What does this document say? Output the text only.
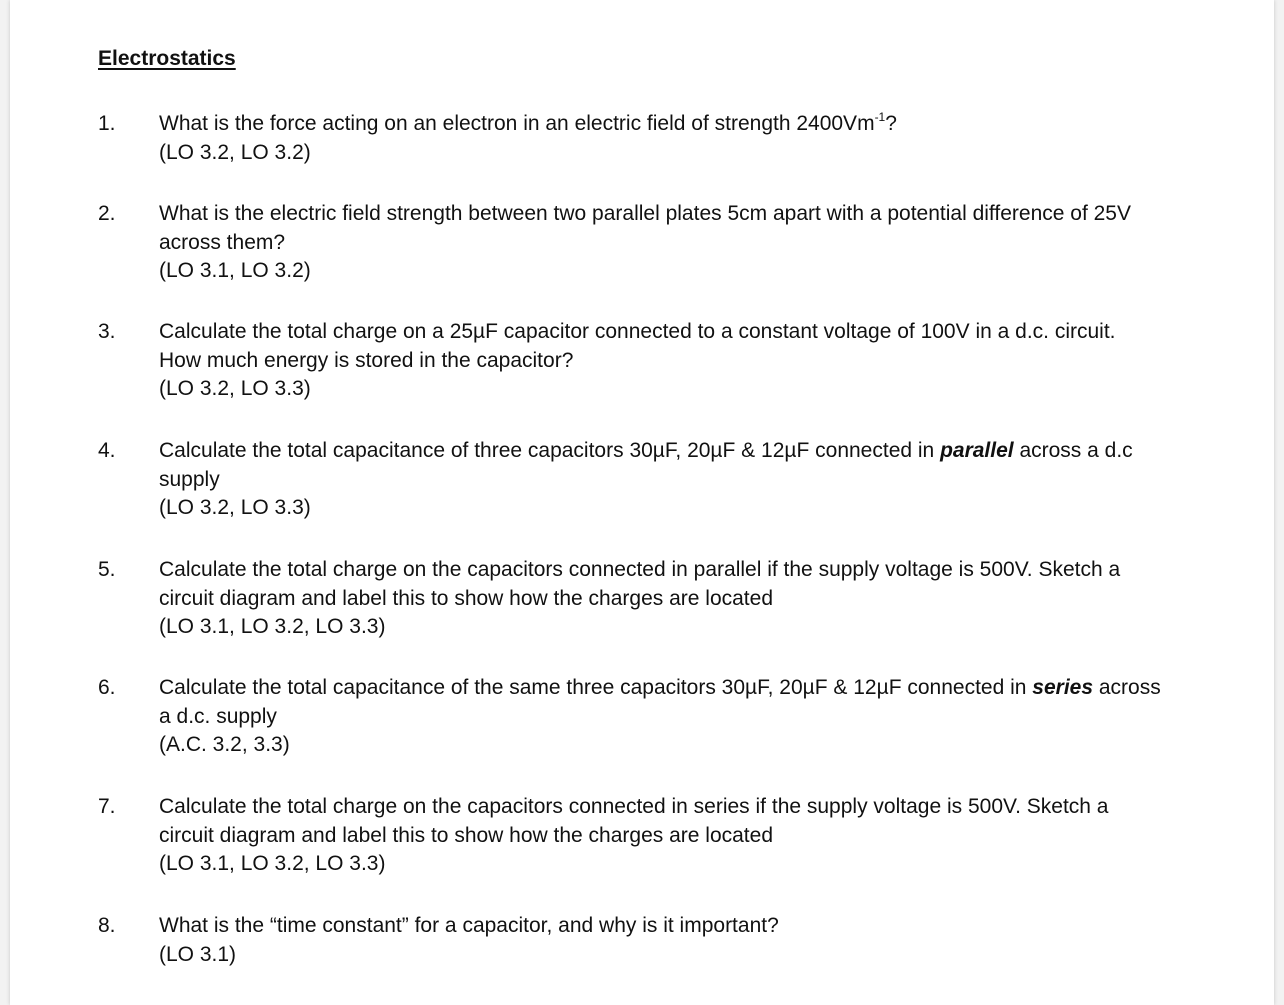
Electrostatics
1.	What is the force acting on an electron in an electric field of strength $2400Vm^{-1}$?
(LO 3.2, LO 3.2)
2.	What is the electric field strength between two parallel plates 5cm apart with a potential difference of 25V
across them?
(LO 3.1, LO 3.2)
3.	Calculate the total charge on a 25µF capacitor connected to a constant voltage of 100V in a d.c. circuit.
How much energy is stored in the capacitor?
(LO 3.2, LO 3.3)
4.	Calculate the total capacitance of three capacitors 30µF, 20µF & 12µF connected in parallel across a d.c
supply
(LO 3.2, LO 3.3)
5.	Calculate the total charge on the capacitors connected in parallel if the supply voltage is 500V. Sketch a
circuit diagram and label this to show how the charges are located
(LO 3.1, LO 3.2, LO 3.3)
6.	Calculate the total capacitance of the same three capacitors 30µF, 20µF & 12µF connected in series across
a d.c. supply
(A.C. 3.2, 3.3)
7.	Calculate the total charge on the capacitors connected in series if the supply voltage is 500V. Sketch a
circuit diagram and label this to show how the charges are located
(LO 3.1, LO 3.2, LO 3.3)
8.	What is the “time constant” for a capacitor, and why is it important?
(LO 3.1)
